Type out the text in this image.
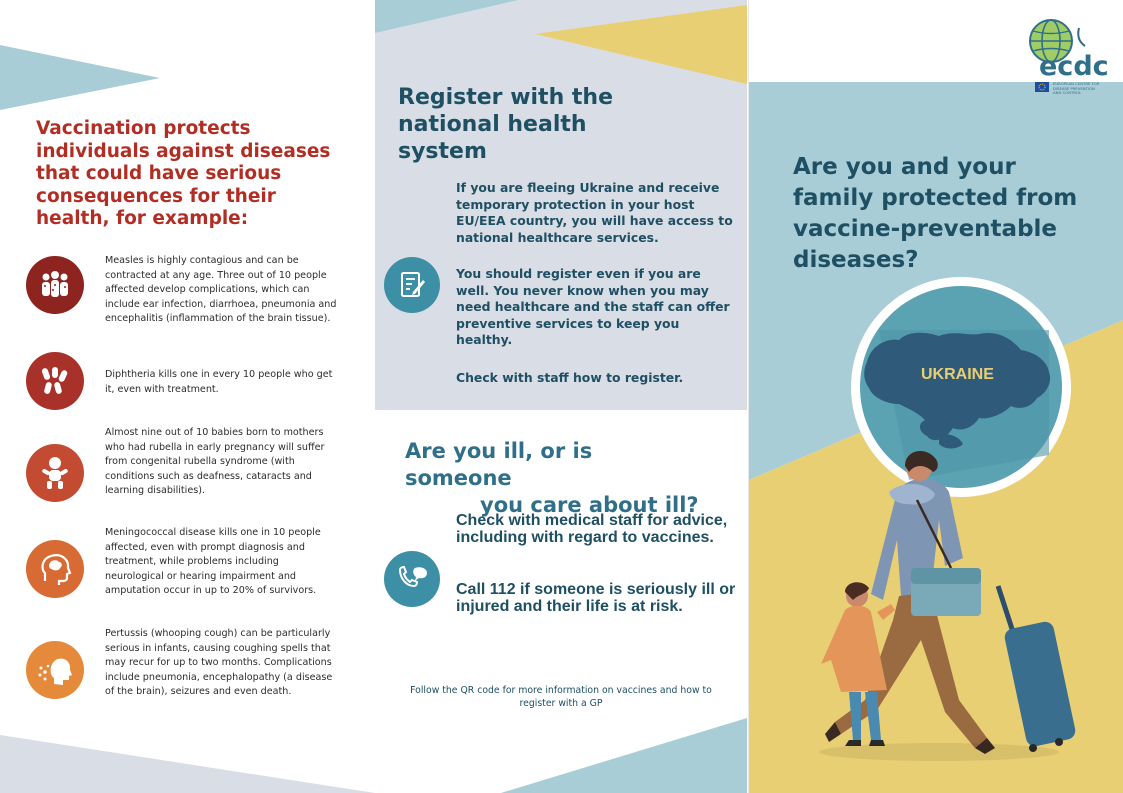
Vaccination protects individuals against diseases that could have serious consequences for their health, for example:
Measles is highly contagious and can be contracted at any age. Three out of 10 people affected develop complications, which can include ear infection, diarrhoea, pneumonia and encephalitis (inflammation of the brain tissue).
Diphtheria kills one in every 10 people who get it, even with treatment.
Almost nine out of 10 babies born to mothers who had rubella in early pregnancy will suffer from congenital rubella syndrome (with conditions such as deafness, cataracts and learning disabilities).
Meningococcal disease kills one in 10 people affected, even with prompt diagnosis and treatment, while problems including neurological or hearing impairment and amputation occur in up to 20% of survivors.
Pertussis (whooping cough) can be particularly serious in infants, causing coughing spells that may recur for up to two months. Complications include pneumonia, encephalopathy (a disease of the brain), seizures and even death.
Register with the national health system
If you are fleeing Ukraine and receive temporary protection in your host EU/EEA country, you will have access to national healthcare services.
You should register even if you are well. You never know when you may need healthcare and the staff can offer preventive services to keep you healthy.
Check with staff how to register.
Are you ill, or is someone
you care about ill?
Check with medical staff for advice, including with regard to vaccines.
Call 112 if someone is seriously ill or injured and their life is at risk.
Follow the QR code for more information on vaccines and how to register with a GP
ecdc
EUROPEAN CENTRE FOR
DISEASE PREVENTION
AND CONTROL
Are you and your family protected from vaccine-preventable diseases?
UKRAINE
